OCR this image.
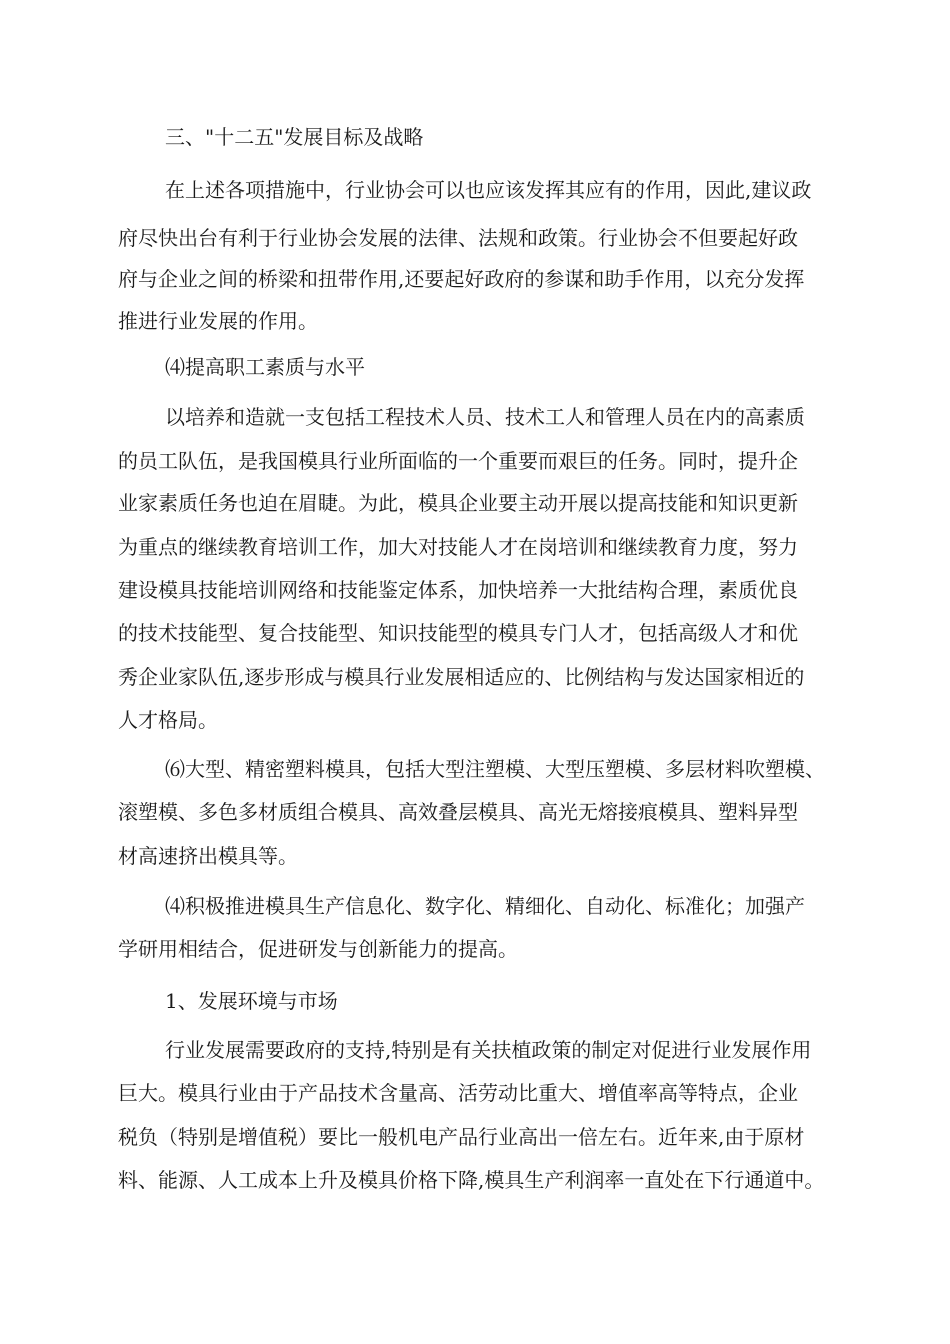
三、"十二五"发展目标及战略
在上述各项措施中，行业协会可以也应该发挥其应有的作用，因此,建议政
府尽快出台有利于行业协会发展的法律、法规和政策。行业协会不但要起好政
府与企业之间的桥梁和扭带作用,还要起好政府的参谋和助手作用，以充分发挥
推进行业发展的作用。
⑷提高职工素质与水平
以培养和造就一支包括工程技术人员、技术工人和管理人员在内的高素质
的员工队伍，是我国模具行业所面临的一个重要而艰巨的任务。同时，提升企
业家素质任务也迫在眉睫。为此，模具企业要主动开展以提高技能和知识更新
为重点的继续教育培训工作，加大对技能人才在岗培训和继续教育力度，努力
建设模具技能培训网络和技能鉴定体系，加快培养一大批结构合理，素质优良
的技术技能型、复合技能型、知识技能型的模具专门人才，包括高级人才和优
秀企业家队伍,逐步形成与模具行业发展相适应的、比例结构与发达国家相近的
人才格局。
⑹大型、精密塑料模具，包括大型注塑模、大型压塑模、多层材料吹塑模、
滚塑模、多色多材质组合模具、高效叠层模具、高光无熔接痕模具、塑料异型
材高速挤出模具等。
⑷积极推进模具生产信息化、数字化、精细化、自动化、标准化；加强产
学研用相结合，促进研发与创新能力的提高。
1、发展环境与市场
行业发展需要政府的支持,特别是有关扶植政策的制定对促进行业发展作用
巨大。模具行业由于产品技术含量高、活劳动比重大、增值率高等特点，企业
税负（特别是增值税）要比一般机电产品行业高出一倍左右。近年来,由于原材
料、能源、人工成本上升及模具价格下降,模具生产利润率一直处在下行通道中。
